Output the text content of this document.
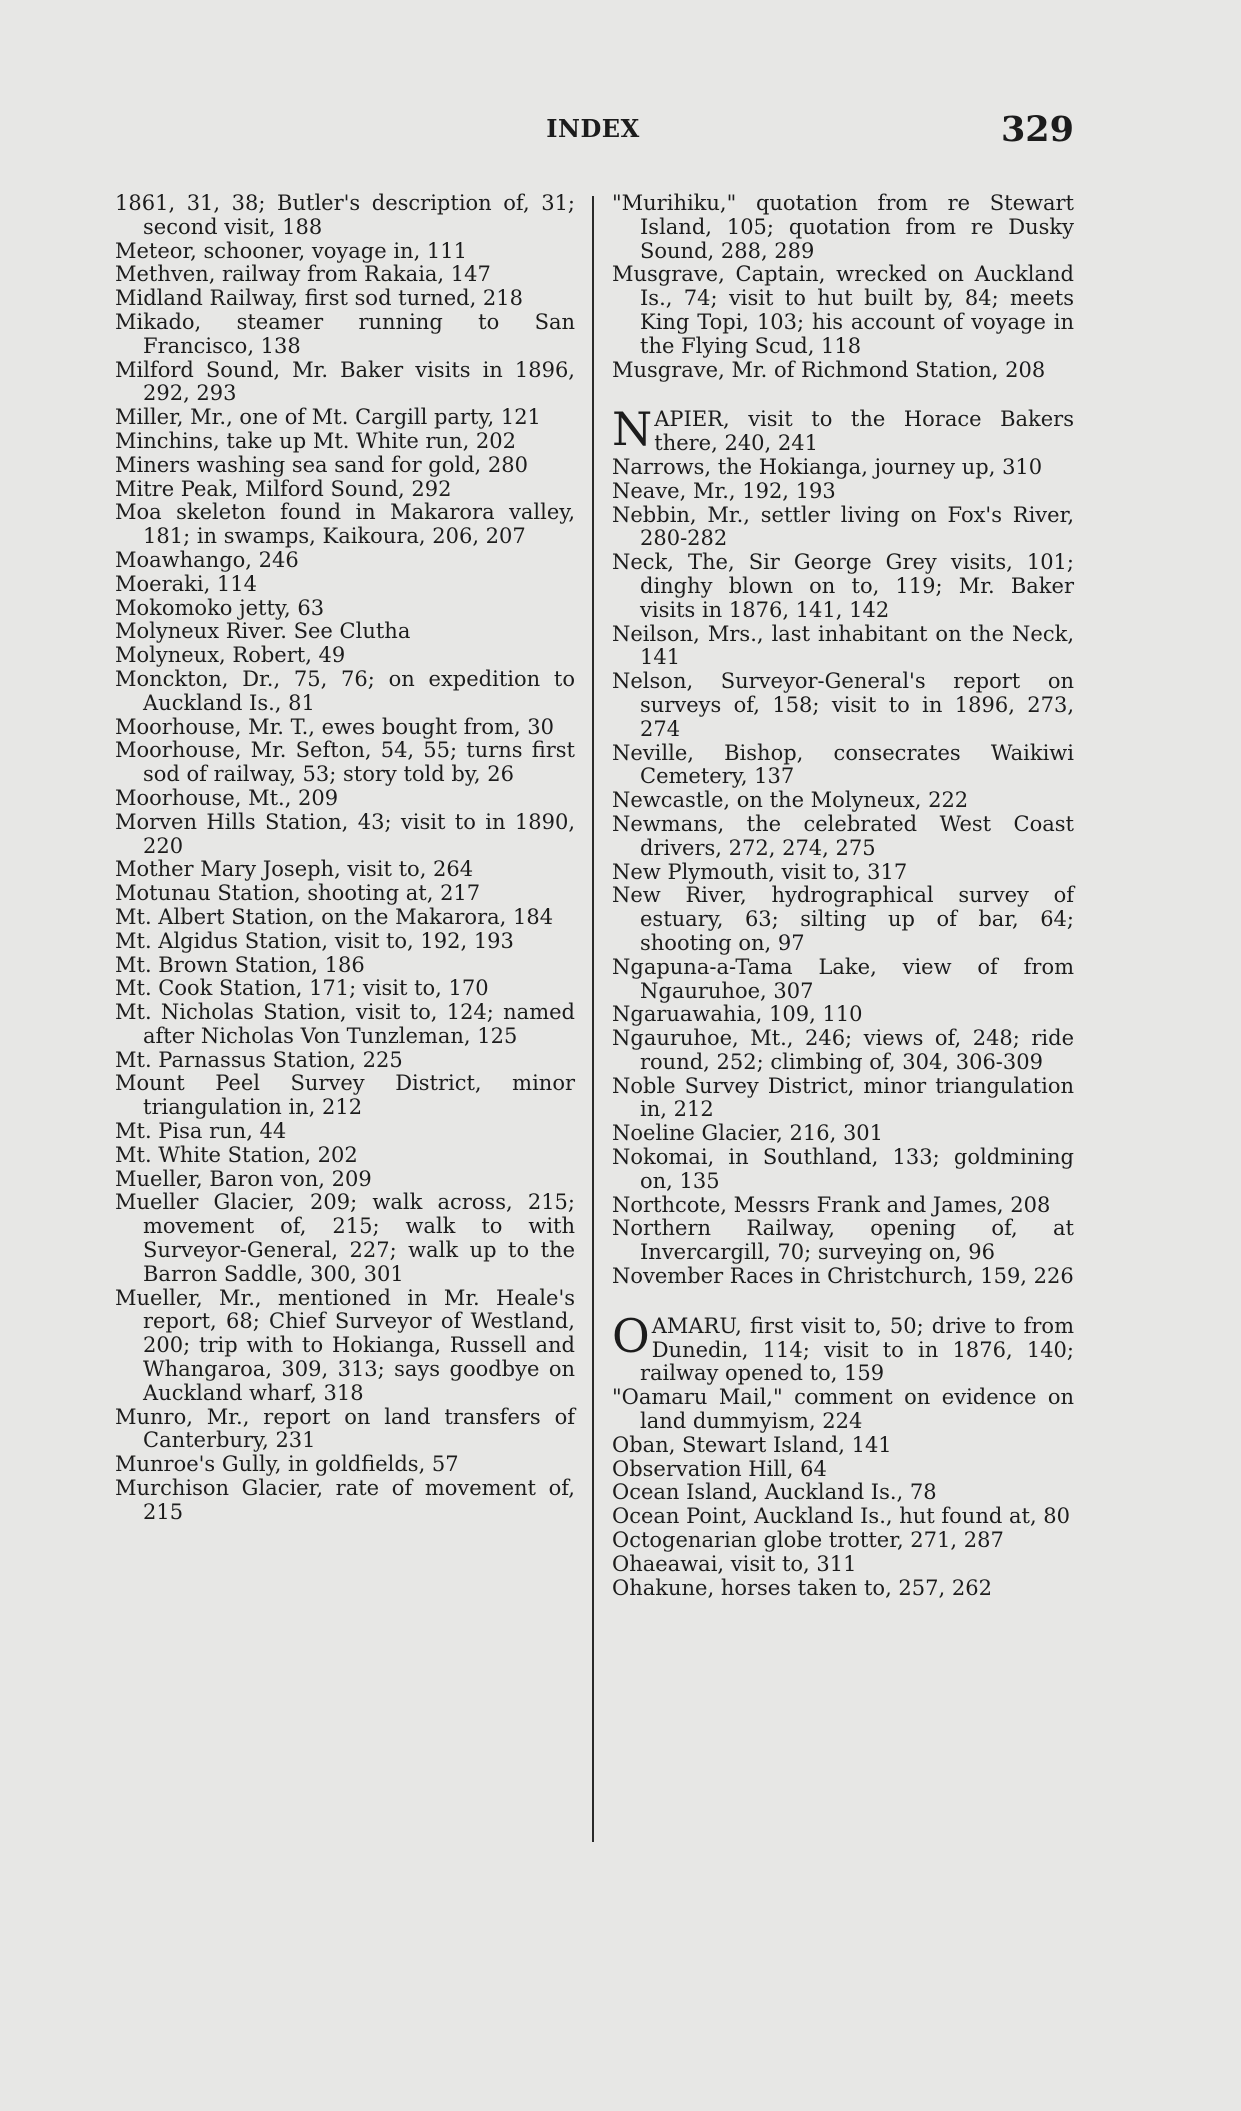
INDEX	329

1861, 31, 38; Butler's description of, 31; second visit, 188

Meteor, schooner, voyage in, 111

Methven, railway from Rakaia, 147

Midland Railway, first sod turned, 218

Mikado, steamer running to San Francisco, 138

Milford Sound, Mr. Baker visits in 1896, 292, 293

Miller, Mr., one of Mt. Cargill party, 121

Minchins, take up Mt. White run, 202

Miners washing sea sand for gold, 280

Mitre Peak, Milford Sound, 292

Moa skeleton found in Makarora valley, 181; in swamps, Kaikoura, 206, 207

Moawhango, 246

Moeraki, 114

Mokomoko jetty, 63

Molyneux River. See Clutha

Molyneux, Robert, 49

Monckton, Dr., 75, 76; on expedition to Auckland Is., 81

Moorhouse, Mr. T., ewes bought from, 30

Moorhouse, Mr. Sefton, 54, 55; turns first sod of railway, 53; story told by, 26

Moorhouse, Mt., 209

Morven Hills Station, 43; visit to in 1890, 220

Mother Mary Joseph, visit to, 264

Motunau Station, shooting at, 217

Mt. Albert Station, on the Makarora, 184

Mt. Algidus Station, visit to, 192, 193

Mt. Brown Station, 186

Mt. Cook Station, 171; visit to, 170

Mt. Nicholas Station, visit to, 124; named after Nicholas Von Tunzleman, 125

Mt. Parnassus Station, 225

Mount Peel Survey District, minor triangulation in, 212

Mt. Pisa run, 44

Mt. White Station, 202

Mueller, Baron von, 209

Mueller Glacier, 209; walk across, 215; movement of, 215; walk to with Surveyor-General, 227; walk up to the Barron Saddle, 300, 301

Mueller, Mr., mentioned in Mr. Heale's report, 68; Chief Surveyor of Westland, 200; trip with to Hokianga, Russell and Whangaroa, 309, 313; says goodbye on Auckland wharf, 318

Munro, Mr., report on land transfers of Canterbury, 231

Munroe's Gully, in goldfields, 57

Murchison Glacier, rate of movement of, 215

"Murihiku," quotation from re Stewart Island, 105; quotation from re Dusky Sound, 288, 289

Musgrave, Captain, wrecked on Auckland Is., 74; visit to hut built by, 84; meets King Topi, 103; his account of voyage in the Flying Scud, 118

Musgrave, Mr. of Richmond Station, 208

NAPIER, visit to the Horace Bakers there, 240, 241

Narrows, the Hokianga, journey up, 310

Neave, Mr., 192, 193

Nebbin, Mr., settler living on Fox's River, 280-282

Neck, The, Sir George Grey visits, 101; dinghy blown on to, 119; Mr. Baker visits in 1876, 141, 142

Neilson, Mrs., last inhabitant on the Neck, 141

Nelson, Surveyor-General's report on surveys of, 158; visit to in 1896, 273, 274

Neville, Bishop, consecrates Waikiwi Cemetery, 137

Newcastle, on the Molyneux, 222

Newmans, the celebrated West Coast drivers, 272, 274, 275

New Plymouth, visit to, 317

New River, hydrographical survey of estuary, 63; silting up of bar, 64; shooting on, 97

Ngapuna-a-Tama Lake, view of from Ngauruhoe, 307

Ngaruawahia, 109, 110

Ngauruhoe, Mt., 246; views of, 248; ride round, 252; climbing of, 304, 306-309

Noble Survey District, minor triangulation in, 212

Noeline Glacier, 216, 301

Nokomai, in Southland, 133; goldmining on, 135

Northcote, Messrs Frank and James, 208

Northern Railway, opening of, at Invercargill, 70; surveying on, 96

November Races in Christchurch, 159, 226

OAMARU, first visit to, 50; drive to from Dunedin, 114; visit to in 1876, 140; railway opened to, 159

"Oamaru Mail," comment on evidence on land dummyism, 224

Oban, Stewart Island, 141

Observation Hill, 64

Ocean Island, Auckland Is., 78

Ocean Point, Auckland Is., hut found at, 80

Octogenarian globe trotter, 271, 287

Ohaeawai, visit to, 311

Ohakune, horses taken to, 257, 262
